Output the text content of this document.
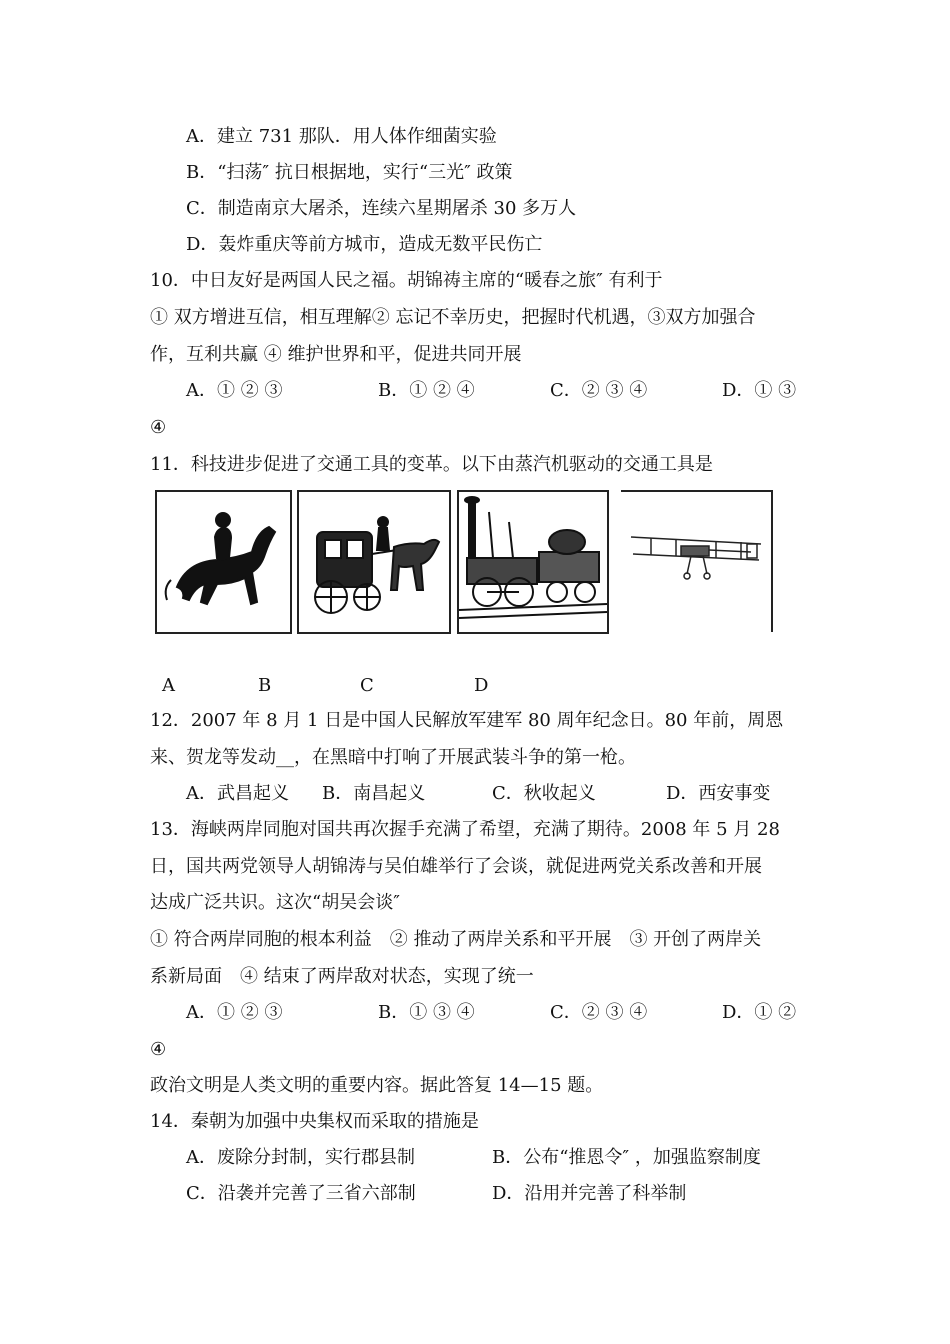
A．建立 731 那队．用人体作细菌实验
B．“扫荡″ 抗日根据地，实行“三光″ 政策
C．制造南京大屠杀，连续六星期屠杀 30 多万人
D．轰炸重庆等前方城市，造成无数平民伤亡
10．中日友好是两国人民之福。胡锦祷主席的“暖春之旅″ 有利于
① 双方增进互信，相互理解② 忘记不幸历史，把握时代机遇，③双方加强合
作，互利共赢 ④ 维护世界和平，促进共同开展
A．① ② ③	B．① ② ④	C．② ③ ④	D．① ③
④
11．科技进步促进了交通工具的变革。以下由蒸汽机驱动的交通工具是
A	B	C	D
12．2007 年 8 月 1 日是中国人民解放军建军 80 周年纪念日。80 年前，周恩
来、贺龙等发动__，在黑暗中打响了开展武装斗争的第一枪。
A．武昌起义 B．南昌起义	C．秋收起义	D．西安事变
13．海峡两岸同胞对国共再次握手充满了希望，充满了期待。2008 年 5 月 28
日，国共两党领导人胡锦涛与吴伯雄举行了会谈，就促进两党关系改善和开展
达成广泛共识。这次“胡吴会谈″
① 符合两岸同胞的根本利益　② 推动了两岸关系和平开展　③ 开创了两岸关
系新局面　④ 结束了两岸敌对状态，实现了统一
A．① ② ③	B．① ③ ④	C．② ③ ④	D．① ②
④
政治文明是人类文明的重要内容。据此答复 14—15 题。
14．秦朝为加强中央集权而采取的措施是
A．废除分封制，实行郡县制	B．公布“推恩令″ ，加强监察制度
C．沿袭并完善了三省六部制	D．沿用并完善了科举制
